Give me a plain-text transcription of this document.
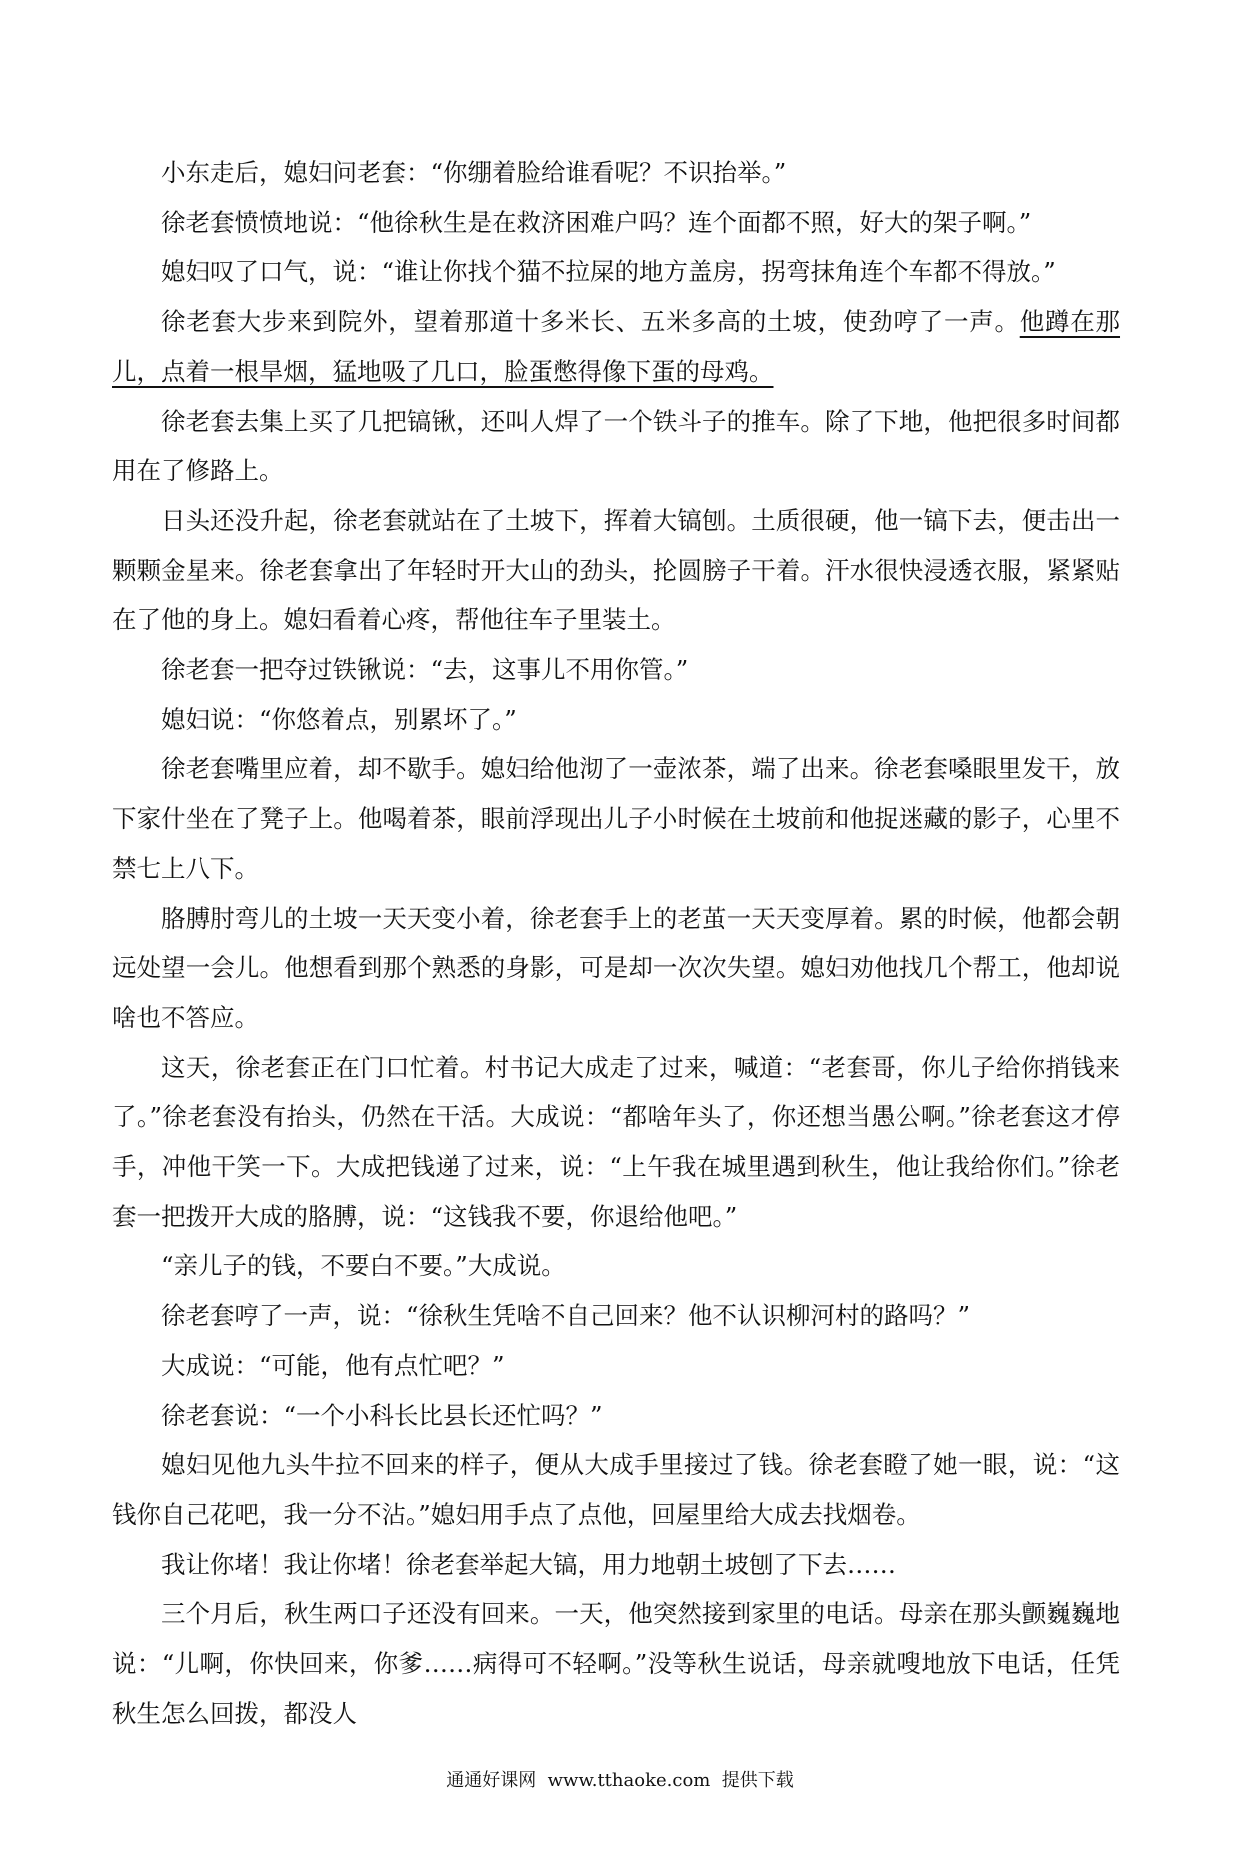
小东走后，媳妇问老套：“你绷着脸给谁看呢？不识抬举。”

徐老套愤愤地说：“他徐秋生是在救济困难户吗？连个面都不照，好大的架子啊。”

媳妇叹了口气，说：“谁让你找个猫不拉屎的地方盖房，拐弯抹角连个车都不得放。”

徐老套大步来到院外，望着那道十多米长、五米多高的土坡，使劲哼了一声。他蹲在那儿，点着一根旱烟，猛地吸了几口，脸蛋憋得像下蛋的母鸡。

徐老套去集上买了几把镐锹，还叫人焊了一个铁斗子的推车。除了下地，他把很多时间都用在了修路上。

日头还没升起，徐老套就站在了土坡下，挥着大镐刨。土质很硬，他一镐下去，便击出一颗颗金星来。徐老套拿出了年轻时开大山的劲头，抡圆膀子干着。汗水很快浸透衣服，紧紧贴在了他的身上。媳妇看着心疼，帮他往车子里装土。

徐老套一把夺过铁锹说：“去，这事儿不用你管。”

媳妇说：“你悠着点，别累坏了。”

徐老套嘴里应着，却不歇手。媳妇给他沏了一壶浓茶，端了出来。徐老套嗓眼里发干，放下家什坐在了凳子上。他喝着茶，眼前浮现出儿子小时候在土坡前和他捉迷藏的影子，心里不禁七上八下。

胳膊肘弯儿的土坡一天天变小着，徐老套手上的老茧一天天变厚着。累的时候，他都会朝远处望一会儿。他想看到那个熟悉的身影，可是却一次次失望。媳妇劝他找几个帮工，他却说啥也不答应。

这天，徐老套正在门口忙着。村书记大成走了过来，喊道：“老套哥，你儿子给你捎钱来了。”徐老套没有抬头，仍然在干活。大成说：“都啥年头了，你还想当愚公啊。”徐老套这才停手，冲他干笑一下。大成把钱递了过来，说：“上午我在城里遇到秋生，他让我给你们。”徐老套一把拨开大成的胳膊，说：“这钱我不要，你退给他吧。”

“亲儿子的钱，不要白不要。”大成说。

徐老套哼了一声，说：“徐秋生凭啥不自己回来？他不认识柳河村的路吗？”

大成说：“可能，他有点忙吧？”

徐老套说：“一个小科长比县长还忙吗？”

媳妇见他九头牛拉不回来的样子，便从大成手里接过了钱。徐老套瞪了她一眼，说：“这钱你自己花吧，我一分不沾。”媳妇用手点了点他，回屋里给大成去找烟卷。

我让你堵！我让你堵！徐老套举起大镐，用力地朝土坡刨了下去……

三个月后，秋生两口子还没有回来。一天，他突然接到家里的电话。母亲在那头颤巍巍地说：“儿啊，你快回来，你爹……病得可不轻啊。”没等秋生说话，母亲就嗖地放下电话，任凭秋生怎么回拨，都没人

通通好课网  www.tthaoke.com  提供下载
